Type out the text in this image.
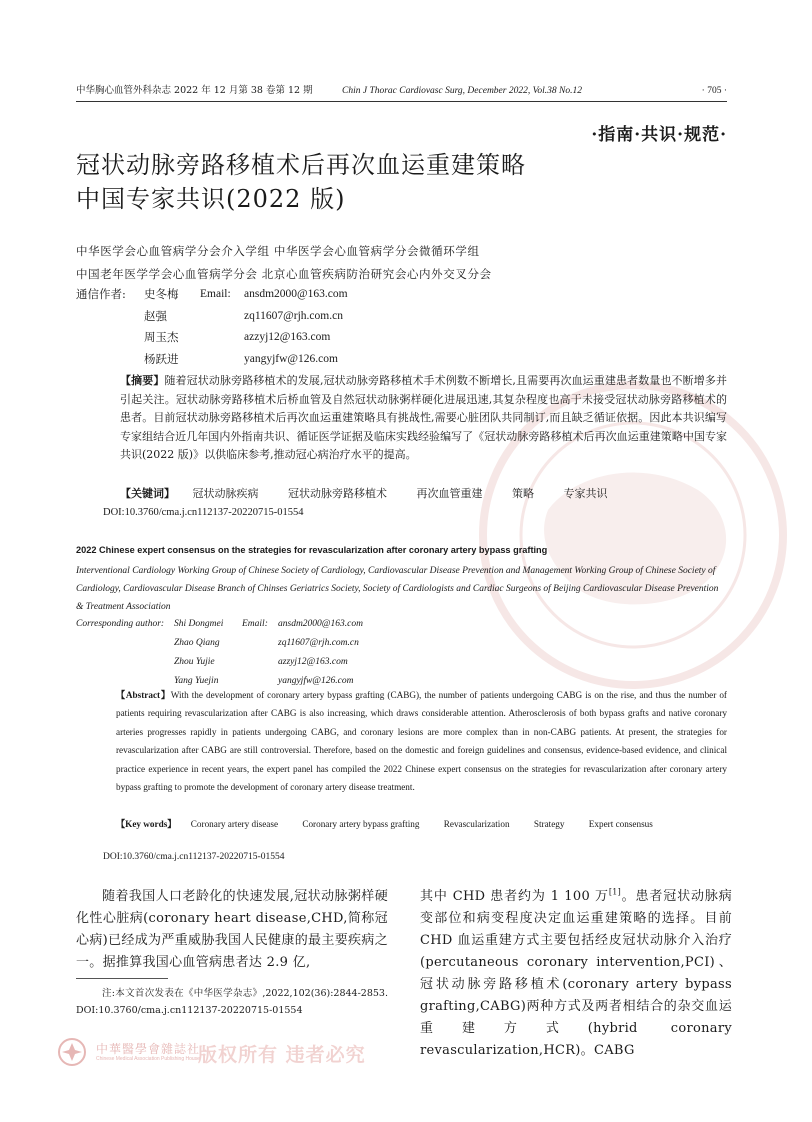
中华胸心血管外科杂志 2022 年 12 月第 38 卷第 12 期	Chin J Thorac Cardiovasc Surg, December 2022, Vol.38 No.12	· 705 ·
·指南·共识·规范·
冠状动脉旁路移植术后再次血运重建策略
中国专家共识(2022 版)
中华医学会心血管病学分会介入学组 中华医学会心血管病学分会微循环学组
中国老年医学学会心血管病学分会 北京心血管疾病防治研究会心内外交叉分会
通信作者: 史冬梅 Email: ansdm2000@163.com
赵强	zq11607@rjh.com.cn
周玉杰	azzyj12@163.com
杨跃进	yangyjfw@126.com
【摘要】随着冠状动脉旁路移植术的发展,冠状动脉旁路移植术手术例数不断增长,且需要再次血运重建患者数量也不断增多并引起关注。冠状动脉旁路移植术后桥血管及自然冠状动脉粥样硬化进展迅速,其复杂程度也高于未接受冠状动脉旁路移植术的患者。目前冠状动脉旁路移植术后再次血运重建策略具有挑战性,需要心脏团队共同制订,而且缺乏循证依据。因此本共识编写专家组结合近几年国内外指南共识、循证医学证据及临床实践经验编写了《冠状动脉旁路移植术后再次血运重建策略中国专家共识(2022 版)》以供临床参考,推动冠心病治疗水平的提高。
【关键词】 冠状动脉疾病	冠状动脉旁路移植术	再次血管重建	策略	专家共识
DOI:10.3760/cma.j.cn112137-20220715-01554
2022 Chinese expert consensus on the strategies for revascularization after coronary artery bypass grafting
Interventional Cardiology Working Group of Chinese Society of Cardiology, Cardiovascular Disease Prevention and Management Working Group of Chinese Society of Cardiology, Cardiovascular Disease Branch of Chinses Geriatrics Society, Society of Cardiologists and Cardiac Surgeons of Beijing Cardiovascular Disease Prevention & Treatment Association
Corresponding author: Shi Dongmei Email: ansdm2000@163.com
Zhao Qiang	zq11607@rjh.com.cn
Zhou Yujie	azzyj12@163.com
Yang Yuejin	yangyjfw@126.com
【Abstract】With the development of coronary artery bypass grafting (CABG), the number of patients undergoing CABG is on the rise, and thus the number of patients requiring revascularization after CABG is also increasing, which draws considerable attention. Atherosclerosis of both bypass grafts and native coronary arteries progresses rapidly in patients undergoing CABG, and coronary lesions are more complex than in non-CABG patients. At present, the strategies for revascularization after CABG are still controversial. Therefore, based on the domestic and foreign guidelines and consensus, evidence-based evidence, and clinical practice experience in recent years, the expert panel has compiled the 2022 Chinese expert consensus on the strategies for revascularization after coronary artery bypass grafting to promote the development of coronary artery disease treatment.
【Key words】 Coronary artery disease	Coronary artery bypass grafting	Revascularization	Strategy	Expert consensus
DOI:10.3760/cma.j.cn112137-20220715-01554

随着我国人口老龄化的快速发展,冠状动脉粥样硬化性心脏病(coronary heart disease,CHD,简称冠心病)已经成为严重威胁我国人民健康的最主要疾病之一。据推算我国心血管病患者达 2.9 亿,

注:本文首次发表在《中华医学杂志》,2022,102(36):2844-2853. DOI:10.3760/cma.j.cn112137-20220715-01554

其中 CHD 患者约为 1 100 万[1]。患者冠状动脉病变部位和病变程度决定血运重建策略的选择。目前 CHD 血运重建方式主要包括经皮冠状动脉介入治疗(percutaneous coronary intervention,PCI)、冠状动脉旁路移植术(coronary artery bypass grafting,CABG)两种方式及两者相结合的杂交血运重建方式(hybrid coronary revascularization,HCR)。CABG

中華醫學會雜誌社
Chinese Medical Association Publishing House
版权所有 违者必究
